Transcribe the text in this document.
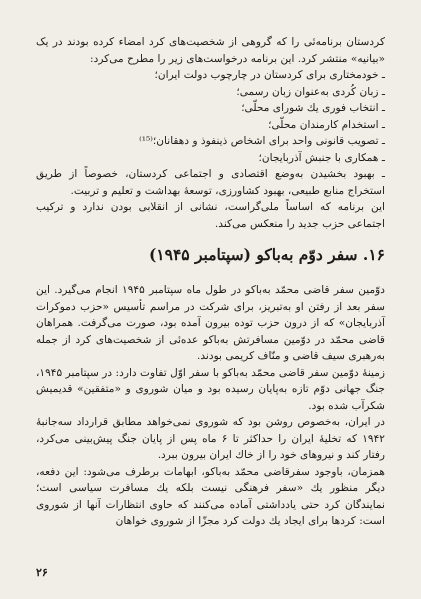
کردستان برنامه‌ئی را که گروهی از شخصیت‌های کرد امضاء کرده بودند در یک «بیانیه» منتشر کرد. این برنامه درخواست‌های زیر را مطرح می‌کرد:

ـ خودمختاری برای کردستان در چارچوب دولت ایران؛
ـ زبان کُردی به‌عنوان زبان رسمی؛
ـ انتخاب فوری یك شورای محلّی؛
ـ استخدام کارمندان محلّی؛
ـ تصویب قانونی واحد برای اشخاص ذینفوذ و دهقانان؛⁽¹⁵⁾
ـ همکاری با جنبش آذربایجان؛
ـ بهبود بخشیدن به‌وضع اقتصادی و اجتماعی کردستان، خصوصاً از طریق استخراج منابع طبیعی، بهبود کشاورزی، توسعهٔ بهداشت و تعلیم و تربیت.

این برنامه که اساساً ملی‌گراست، نشانی از انقلابی بودن ندارد و ترکیب اجتماعی حزب جدید را منعکس می‌کند.

۱۶. سفر دوّم به‌باکو (سپتامبر ۱۹۴۵)

دوّمین سفر قاضی محمّد به‌باکو در طول ماه سپتامبر ۱۹۴۵ انجام می‌گیرد. این سفر بعد از رفتن او به‌تبریز، برای شرکت در مراسم تأسیس «حزب دموکرات آذربایجان» که از درون حزب توده بیرون آمده بود، صورت می‌گرفت. همراهان قاضی محمّد در دوّمین مسافرتش به‌باکو عده‌ئی از شخصیت‌های کرد از جمله به‌رهبری سیف قاضی و منّاف کریمی بودند.

زمینهٔ دوّمین سفر قاضی محمّد به‌باکو با سفر اوّل تفاوت دارد: در سپتامبر ۱۹۴۵، جنگ جهانی دوّم تازه به‌پایان رسیده بود و میان شوروی و «متفقین» قدیمیش شکرآب شده بود.

در ایران، به‌خصوص روشن بود که شوروی نمی‌خواهد مطابق قرارداد سه‌جانبهٔ ۱۹۴۲ که تخلیهٔ ایران را حداکثر تا ۶ ماه پس از پایان جنگ پیش‌بینی می‌کرد، رفتار کند و نیروهای خود را از خاك ایران بیرون ببرد.

همزمان، باوجود سفرقاضی محمّد به‌باکو، ابهامات برطرف می‌شود: این دفعه، دیگر منظور یك «سفر فرهنگی نیست بلکه یك مسافرت سیاسی است؛ نمایندگان کرد حتی یادداشتی آماده می‌کنند که حاوی انتظارات آنها از شوروی است: کردها برای ایجاد یك دولت کرد مجزّا از شوروی خواهان

۲۶
